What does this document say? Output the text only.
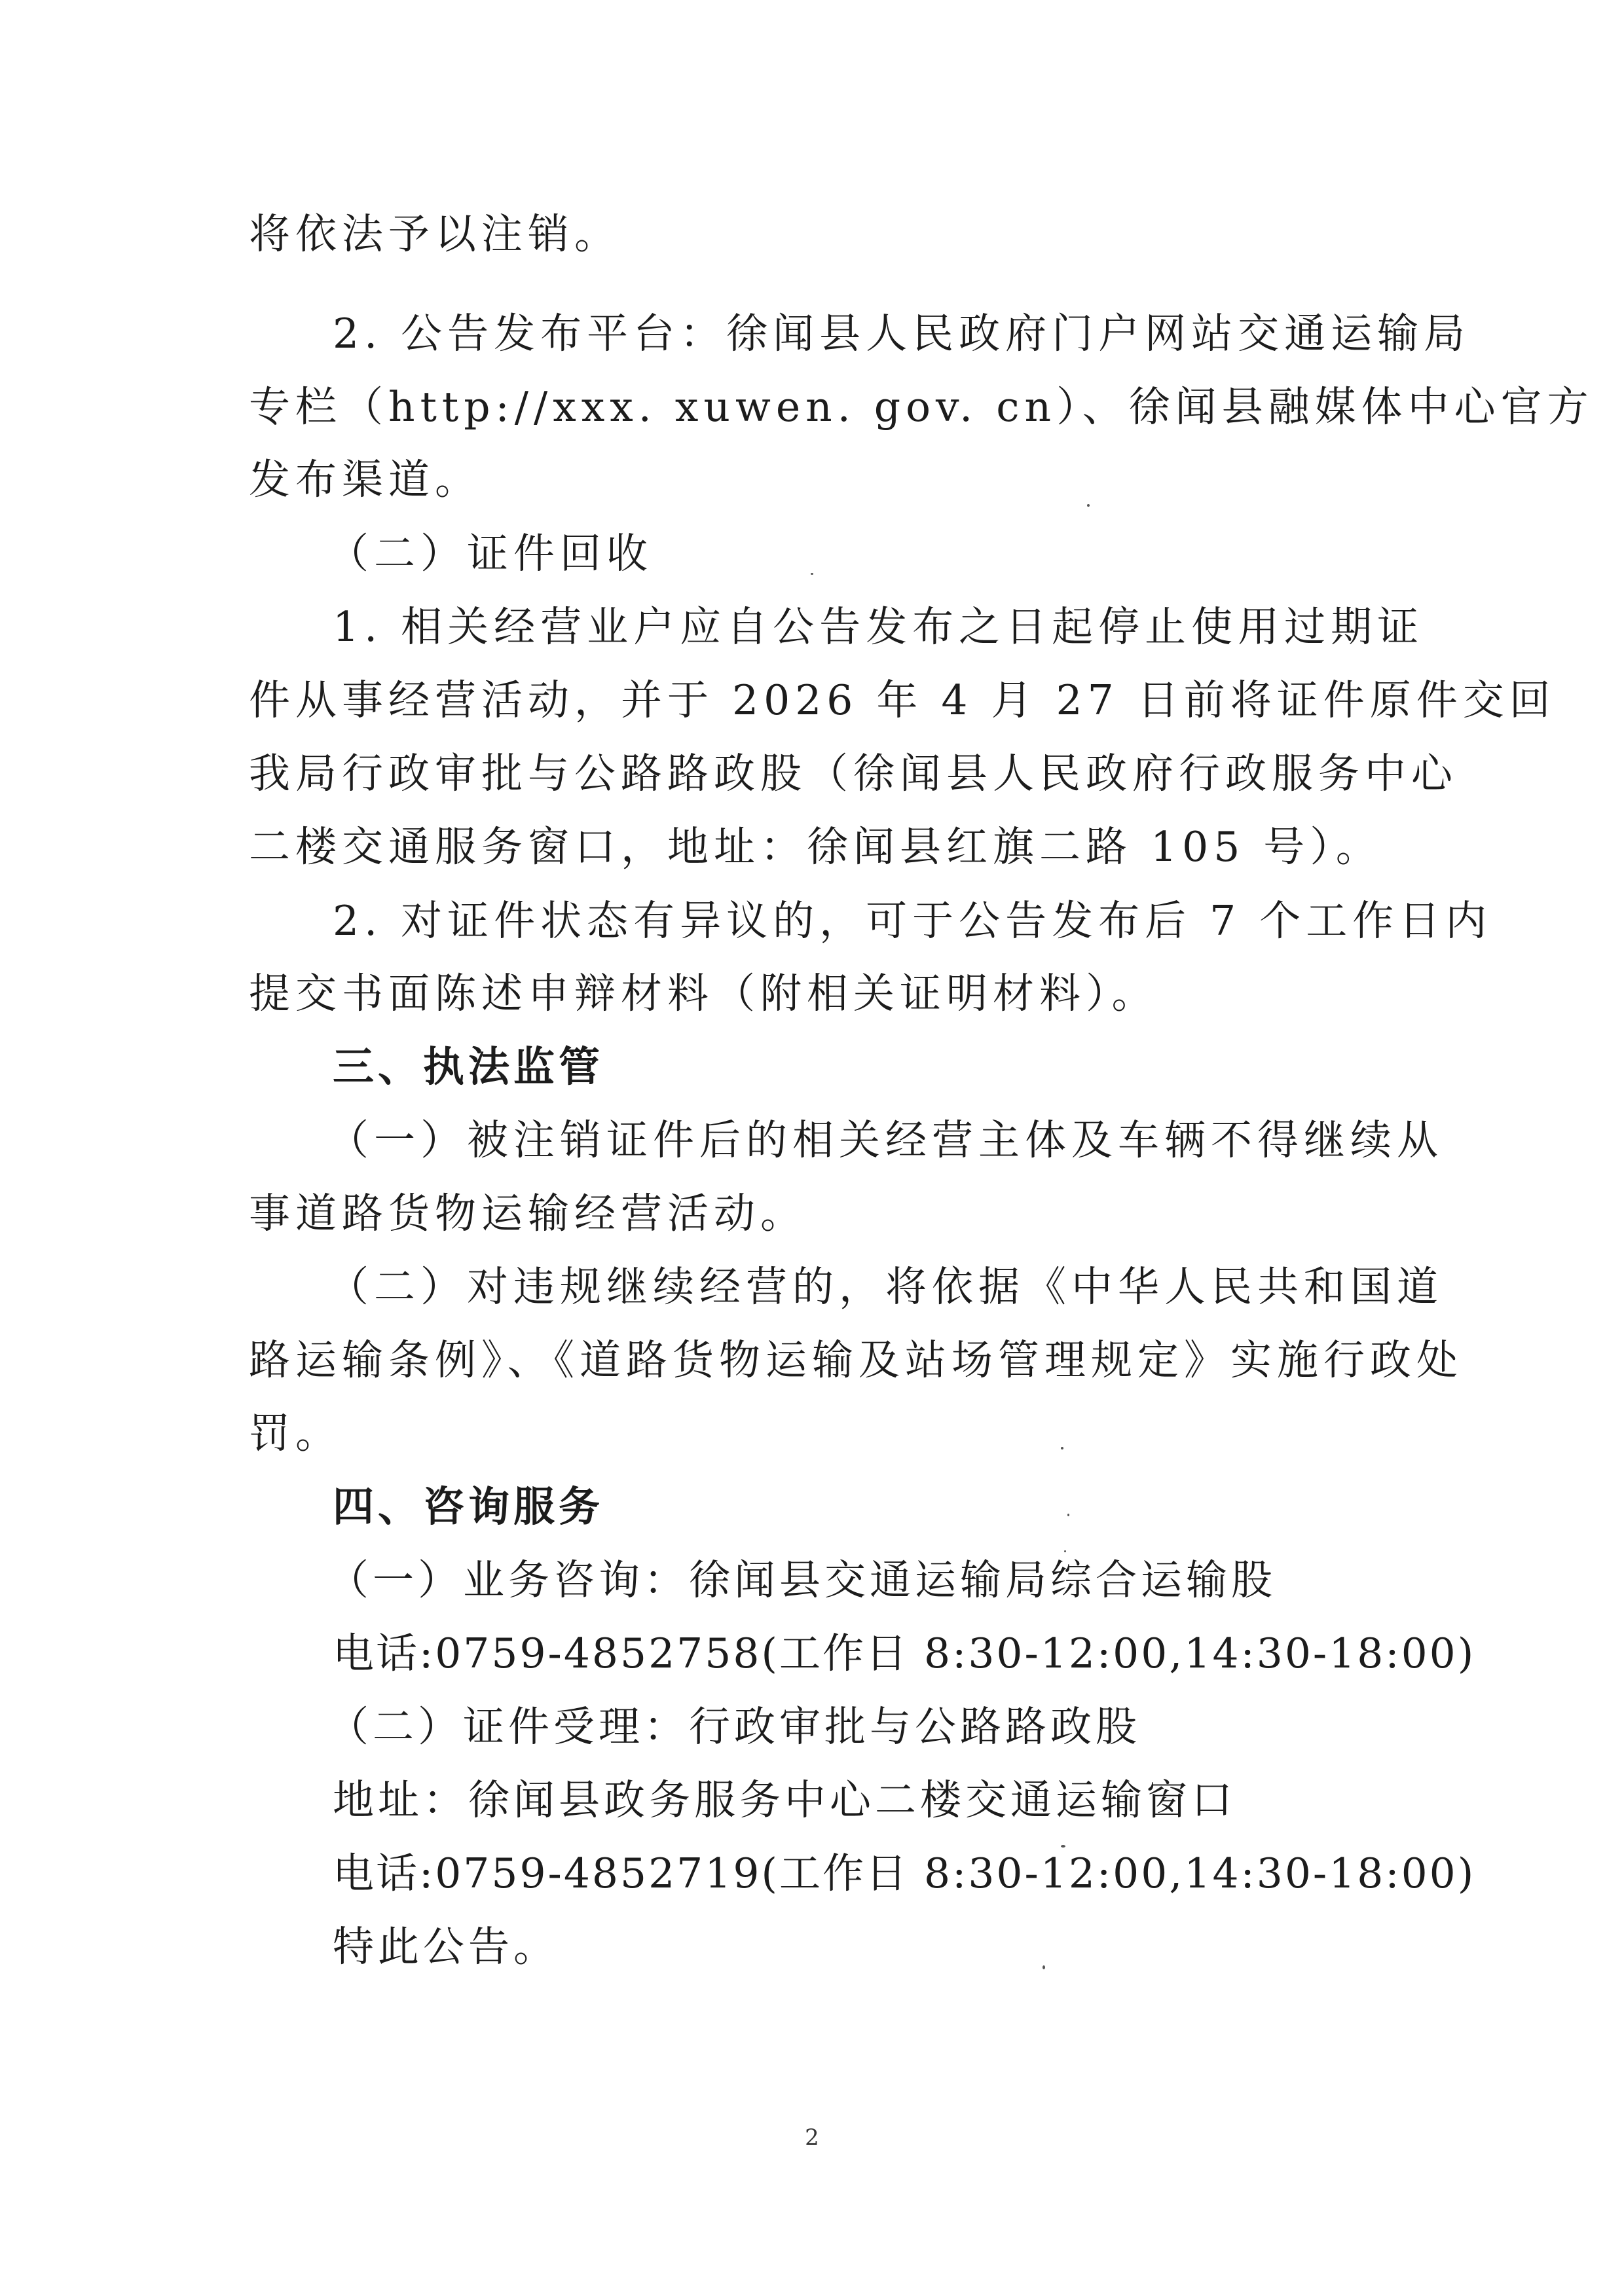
将依法予以注销。
2. 公告发布平台：徐闻县人民政府门户网站交通运输局
专栏（http://xxx. xuwen. gov. cn）、徐闻县融媒体中心官方
发布渠道。
（二）证件回收
1. 相关经营业户应自公告发布之日起停止使用过期证
件从事经营活动，并于 2026 年 4 月 27 日前将证件原件交回
我局行政审批与公路路政股（徐闻县人民政府行政服务中心
二楼交通服务窗口，地址：徐闻县红旗二路 105 号）。
2. 对证件状态有异议的，可于公告发布后 7 个工作日内
提交书面陈述申辩材料（附相关证明材料）。
三、执法监管
（一）被注销证件后的相关经营主体及车辆不得继续从
事道路货物运输经营活动。
（二）对违规继续经营的，将依据《中华人民共和国道
路运输条例》、《道路货物运输及站场管理规定》实施行政处
罚。
四、咨询服务
（一）业务咨询：徐闻县交通运输局综合运输股
电话:0759-4852758(工作日 8:30-12:00,14:30-18:00)
（二）证件受理：行政审批与公路路政股
地址：徐闻县政务服务中心二楼交通运输窗口
电话:0759-4852719(工作日 8:30-12:00,14:30-18:00)
特此公告。
2
